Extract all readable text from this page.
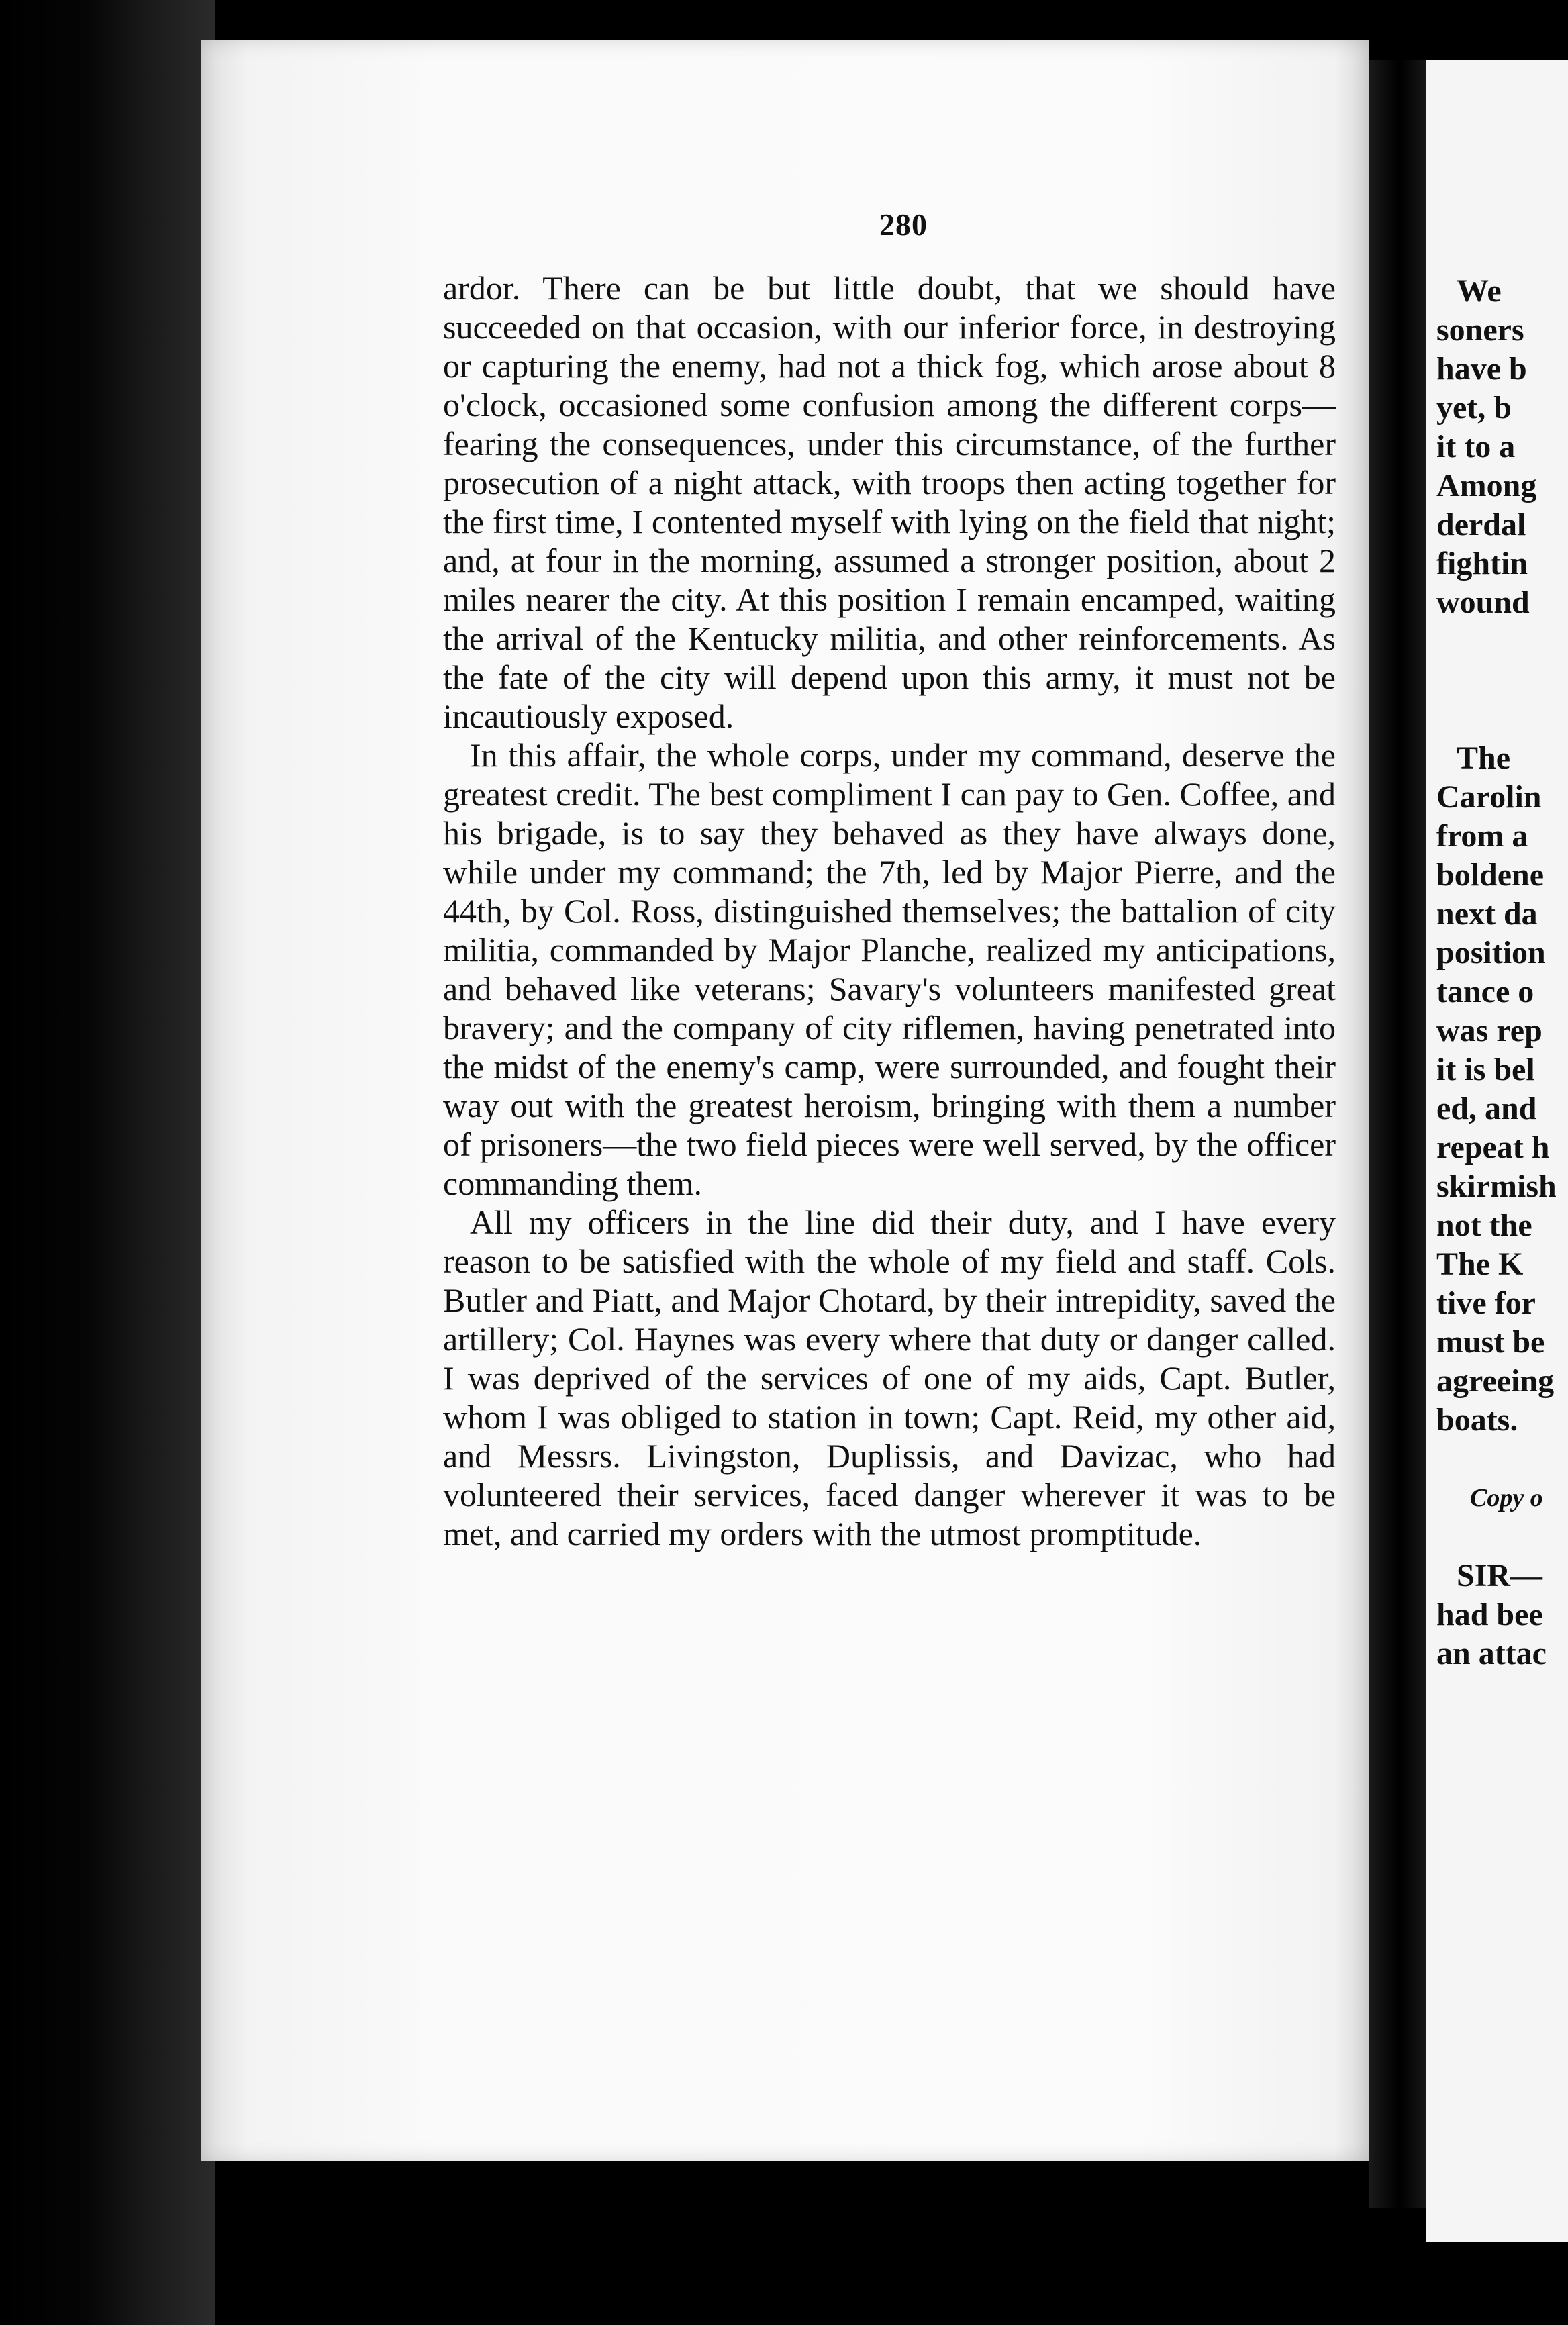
280

ardor. There can be but little doubt, that we should have succeeded on that occasion, with our inferior force, in destroying or capturing the enemy, had not a thick fog, which arose about 8 o'clock, occasioned some confusion among the different corps—fearing the consequences, under this circumstance, of the further prosecution of a night attack, with troops then acting together for the first time, I contented myself with lying on the field that night; and, at four in the morning, assumed a stronger position, about 2 miles nearer the city. At this position I remain encamped, waiting the arrival of the Kentucky militia, and other reinforcements. As the fate of the city will depend upon this army, it must not be incautiously exposed.

In this affair, the whole corps, under my command, deserve the greatest credit. The best compliment I can pay to Gen. Coffee, and his brigade, is to say they behaved as they have always done, while under my command; the 7th, led by Major Pierre, and the 44th, by Col. Ross, distinguished themselves; the battalion of city militia, commanded by Major Planche, realized my anticipations, and behaved like veterans; Savary's volunteers manifested great bravery; and the company of city riflemen, having penetrated into the midst of the enemy's camp, were surrounded, and fought their way out with the greatest heroism, bringing with them a number of prisoners—the two field pieces were well served, by the officer commanding them.

All my officers in the line did their duty, and I have every reason to be satisfied with the whole of my field and staff. Cols. Butler and Piatt, and Major Chotard, by their intrepidity, saved the artillery; Col. Haynes was every where that duty or danger called. I was deprived of the services of one of my aids, Capt. Butler, whom I was obliged to station in town; Capt. Reid, my other aid, and Messrs. Livingston, Duplissis, and Davizac, who had volunteered their services, faced danger wherever it was to be met, and carried my orders with the utmost promptitude.

We
soners
have b
yet, b
it to a
Among
derdal
fightin
wound
The
Carolin
from a
boldene
next da
position
tance o
was rep
it is bel
ed, and
repeat h
skirmish
not the
The K
tive for
must be
agreeing
boats.
Copy o
SIR—
had bee
an attac
